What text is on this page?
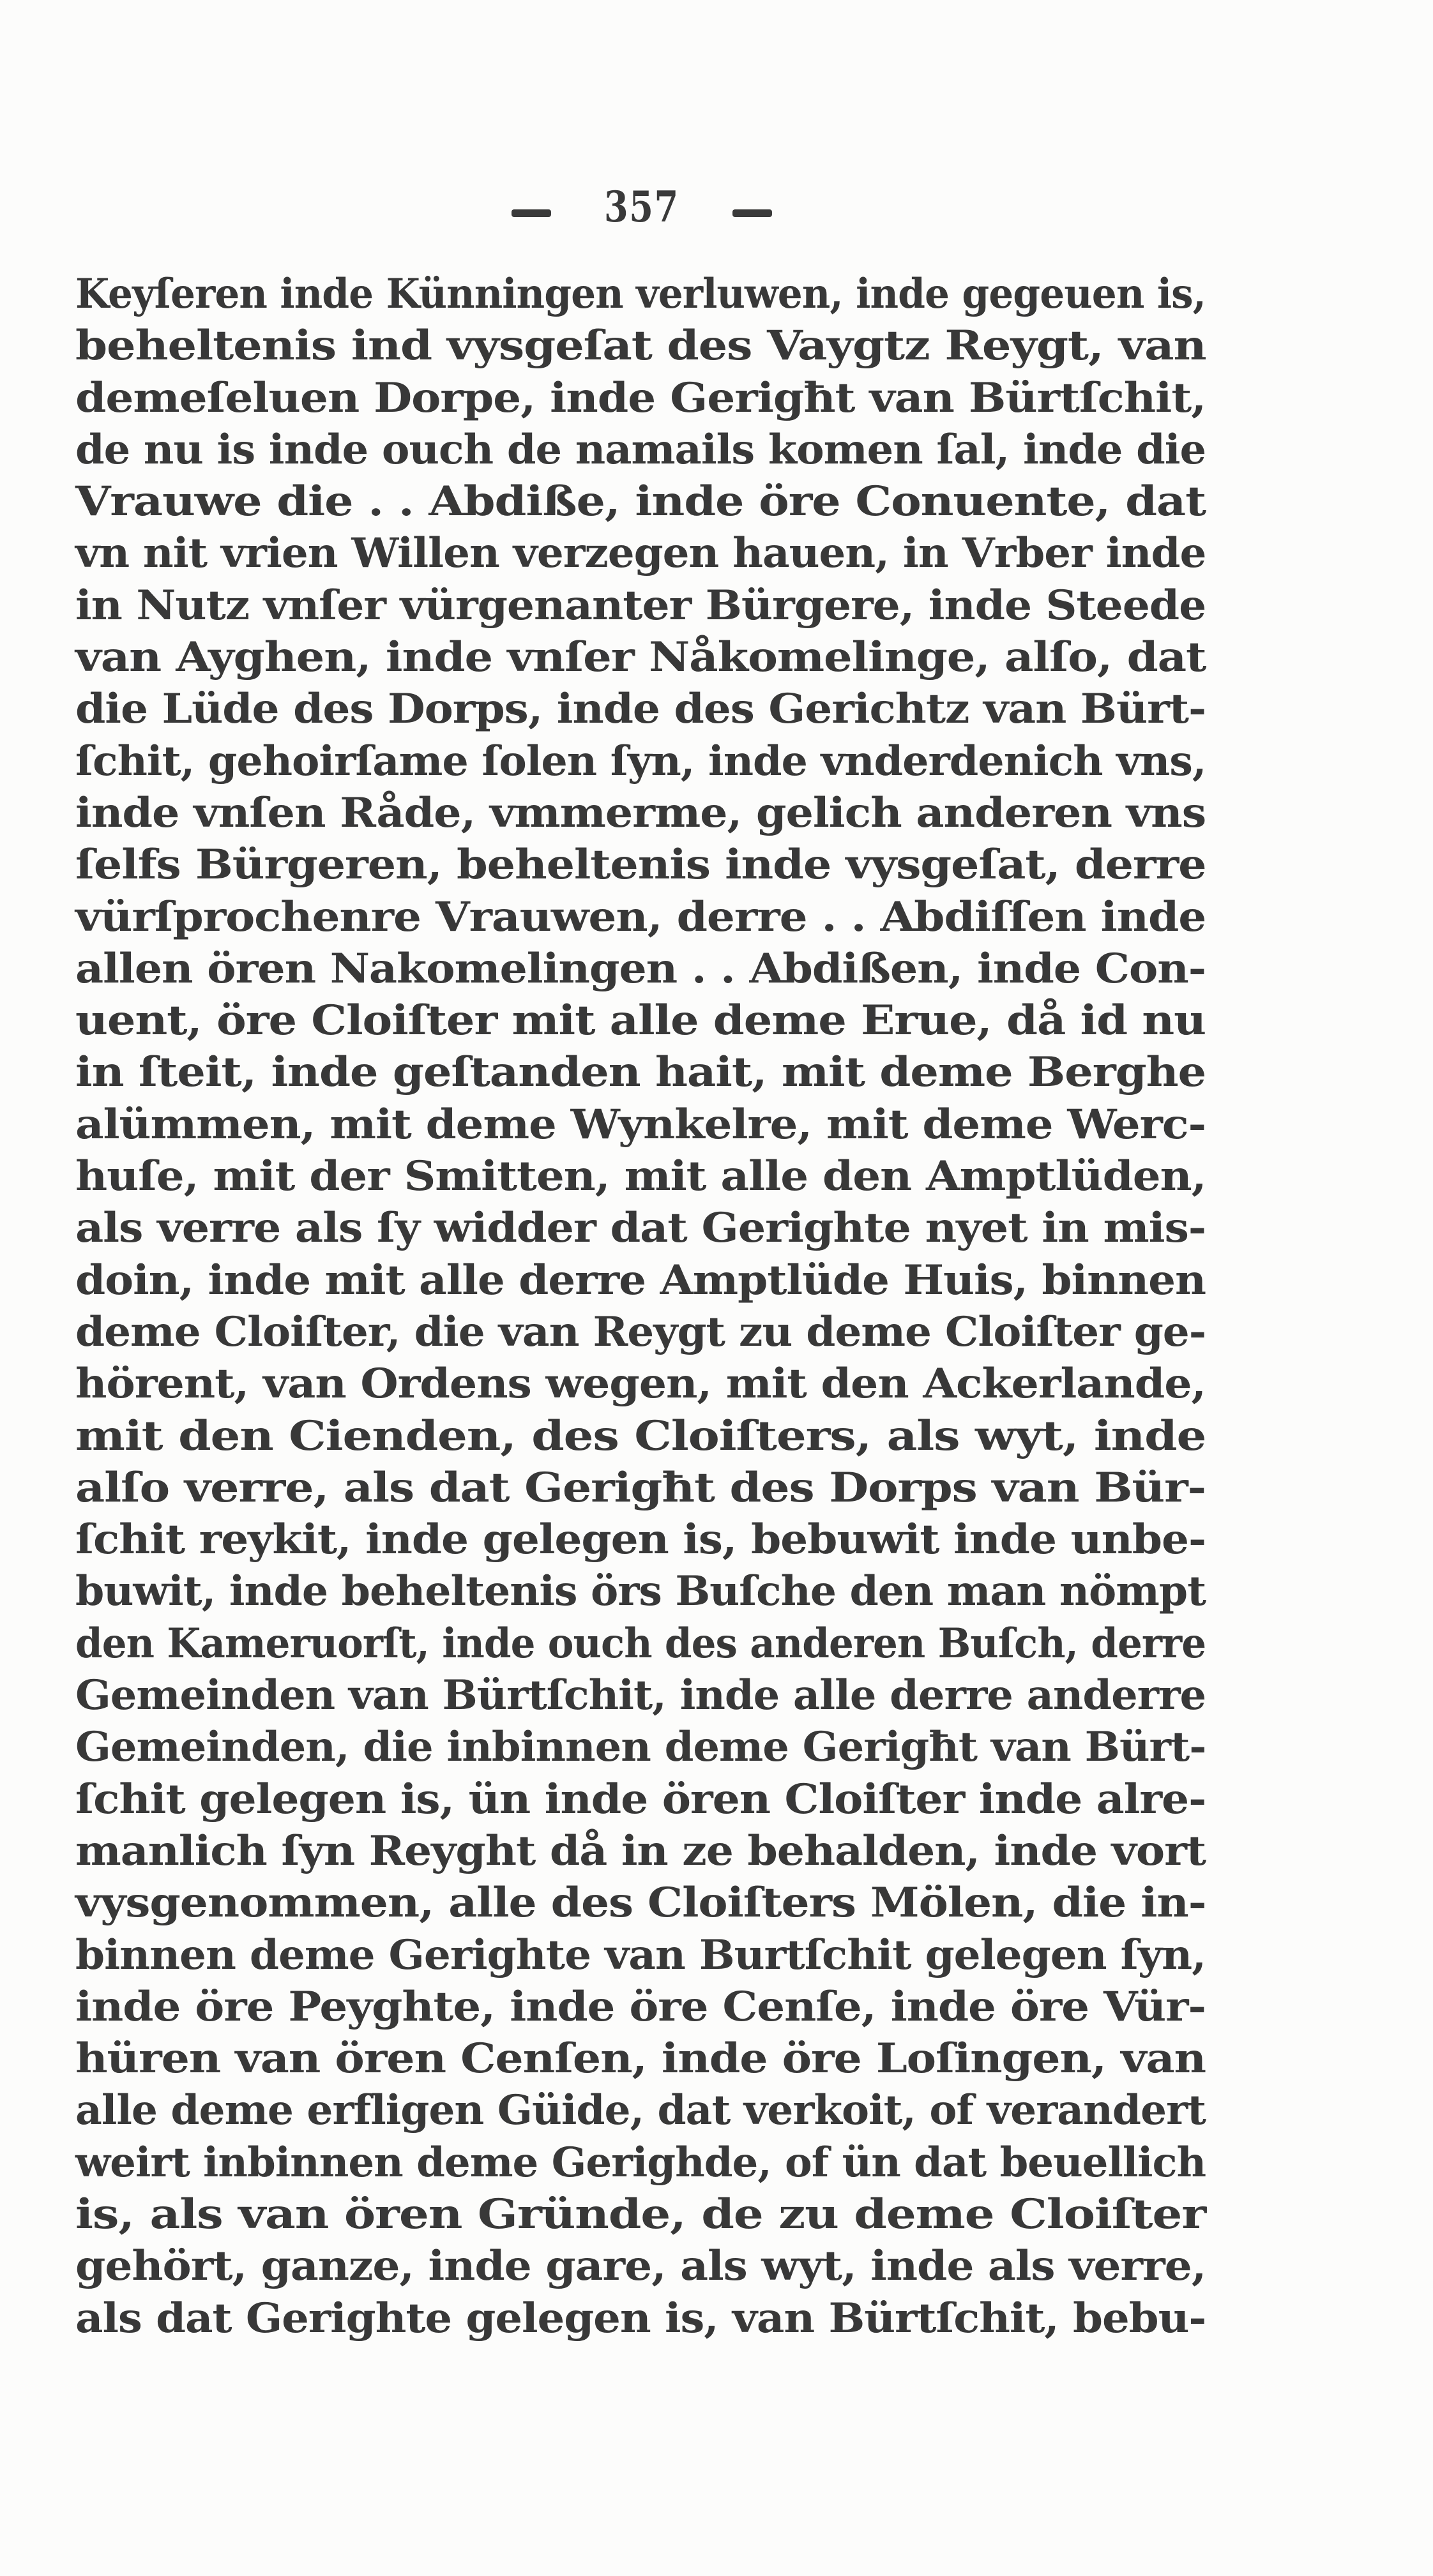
357
Keyſeren inde Künningen verluwen, inde gegeuen is,
beheltenis ind vysgeſat des Vaygtz Reygt, van
demeſeluen Dorpe, inde Gerigħt van Bürtſchit,
de nu is inde ouch de namails komen ſal, inde die
Vrauwe die . . Abdiße, inde öre Conuente, dat
vn nit vrien Willen verzegen hauen, in Vrber inde
in Nutz vnſer vürgenanter Bürgere, inde Steede
van Ayghen, inde vnſer Nåkomelinge, alſo, dat
die Lüde des Dorps, inde des Gerichtz van Bürt-
ſchit, gehoirſame ſolen ſyn, inde vnderdenich vns,
inde vnſen Råde, vmmerme, gelich anderen vns
ſelfs Bürgeren, beheltenis inde vysgeſat, derre
vürſprochenre Vrauwen, derre . . Abdiſſen inde
allen ören Nakomelingen . . Abdißen, inde Con-
uent, öre Cloiſter mit alle deme Erue, då id nu
in ſteit, inde geſtanden hait, mit deme Berghe
alümmen, mit deme Wynkelre, mit deme Werc-
huſe, mit der Smitten, mit alle den Amptlüden,
als verre als ſy widder dat Gerighte nyet in mis-
doin, inde mit alle derre Amptlüde Huis, binnen
deme Cloiſter, die van Reygt zu deme Cloiſter ge-
hörent, van Ordens wegen, mit den Ackerlande,
mit den Cienden, des Cloiſters, als wyt, inde
alſo verre, als dat Gerigħt des Dorps van Bür-
ſchit reykit, inde gelegen is, bebuwit inde unbe-
buwit, inde beheltenis örs Buſche den man nömpt
den Kameruorſt, inde ouch des anderen Buſch, derre
Gemeinden van Bürtſchit, inde alle derre anderre
Gemeinden, die inbinnen deme Gerigħt van Bürt-
ſchit gelegen is, ün inde ören Cloiſter inde alre-
manlich ſyn Reyght då in ze behalden, inde vort
vysgenommen, alle des Cloiſters Mölen, die in-
binnen deme Gerighte van Burtſchit gelegen ſyn,
inde öre Peyghte, inde öre Cenſe, inde öre Vür-
hüren van ören Cenſen, inde öre Loſingen, van
alle deme erfligen Güide, dat verkoit, of verandert
weirt inbinnen deme Gerighde, of ün dat beuellich
is, als van ören Gründe, de zu deme Cloiſter
gehört, ganze, inde gare, als wyt, inde als verre,
als dat Gerighte gelegen is, van Bürtſchit, bebu-
